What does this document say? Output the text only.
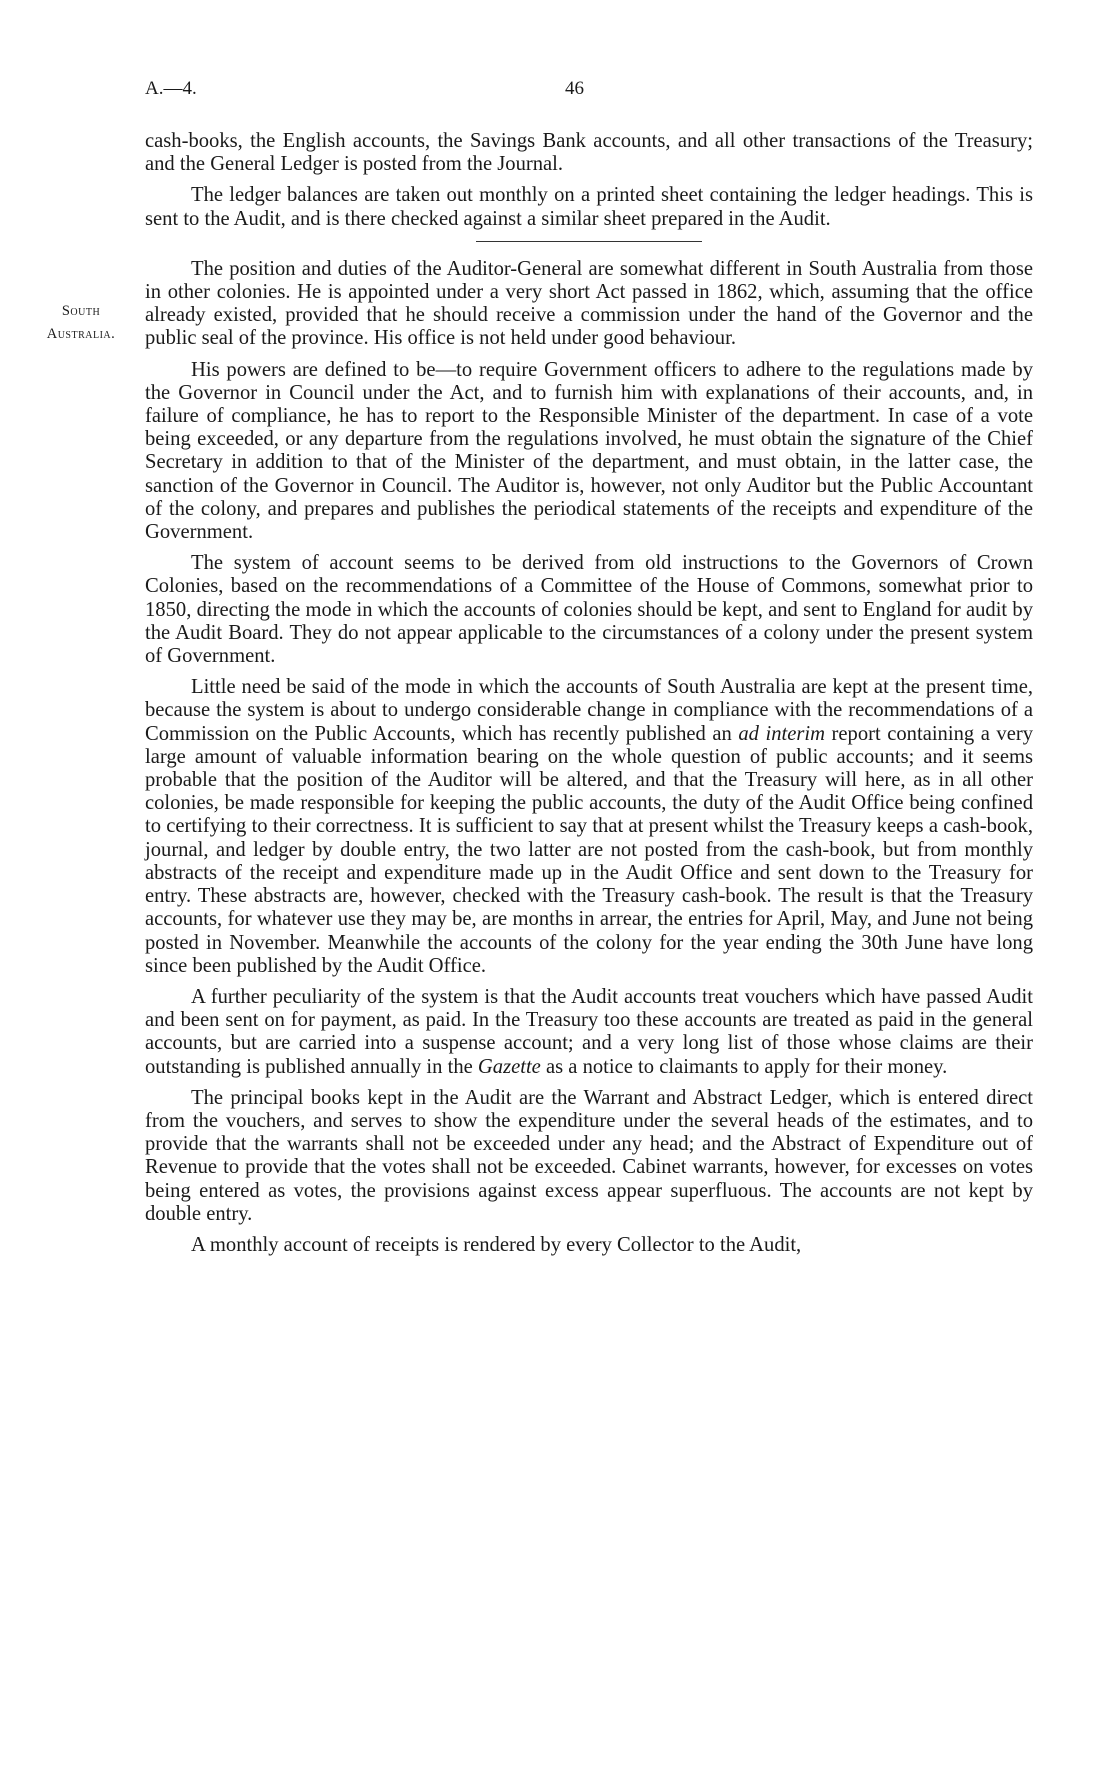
A.—4.	46
South
Australia.

cash-books, the English accounts, the Savings Bank accounts, and all other transactions of the Treasury; and the General Ledger is posted from the Journal.

The ledger balances are taken out monthly on a printed sheet containing the ledger headings. This is sent to the Audit, and is there checked against a similar sheet prepared in the Audit.

The position and duties of the Auditor-General are somewhat different in South Australia from those in other colonies. He is appointed under a very short Act passed in 1862, which, assuming that the office already existed, provided that he should receive a commission under the hand of the Governor and the public seal of the province. His office is not held under good behaviour.

His powers are defined to be—to require Government officers to adhere to the regulations made by the Governor in Council under the Act, and to furnish him with explanations of their accounts, and, in failure of compliance, he has to report to the Responsible Minister of the department. In case of a vote being exceeded, or any departure from the regulations involved, he must obtain the signature of the Chief Secretary in addition to that of the Minister of the department, and must obtain, in the latter case, the sanction of the Governor in Council. The Auditor is, however, not only Auditor but the Public Accountant of the colony, and prepares and publishes the periodical statements of the receipts and expenditure of the Government.

The system of account seems to be derived from old instructions to the Governors of Crown Colonies, based on the recommendations of a Committee of the House of Commons, somewhat prior to 1850, directing the mode in which the accounts of colonies should be kept, and sent to England for audit by the Audit Board. They do not appear applicable to the circumstances of a colony under the present system of Government.

Little need be said of the mode in which the accounts of South Australia are kept at the present time, because the system is about to undergo considerable change in compliance with the recommendations of a Commission on the Public Accounts, which has recently published an ad interim report containing a very large amount of valuable information bearing on the whole question of public accounts; and it seems probable that the position of the Auditor will be altered, and that the Treasury will here, as in all other colonies, be made responsible for keeping the public accounts, the duty of the Audit Office being confined to certifying to their correctness. It is sufficient to say that at present whilst the Treasury keeps a cash-book, journal, and ledger by double entry, the two latter are not posted from the cash-book, but from monthly abstracts of the receipt and expenditure made up in the Audit Office and sent down to the Treasury for entry. These abstracts are, however, checked with the Treasury cash-book. The result is that the Treasury accounts, for whatever use they may be, are months in arrear, the entries for April, May, and June not being posted in November. Meanwhile the accounts of the colony for the year ending the 30th June have long since been published by the Audit Office.

A further peculiarity of the system is that the Audit accounts treat vouchers which have passed Audit and been sent on for payment, as paid. In the Treasury too these accounts are treated as paid in the general accounts, but are carried into a suspense account; and a very long list of those whose claims are their outstanding is published annually in the Gazette as a notice to claimants to apply for their money.

The principal books kept in the Audit are the Warrant and Abstract Ledger, which is entered direct from the vouchers, and serves to show the expenditure under the several heads of the estimates, and to provide that the warrants shall not be exceeded under any head; and the Abstract of Expenditure out of Revenue to provide that the votes shall not be exceeded. Cabinet warrants, however, for excesses on votes being entered as votes, the provisions against excess appear superfluous. The accounts are not kept by double entry.

A monthly account of receipts is rendered by every Collector to the Audit,
